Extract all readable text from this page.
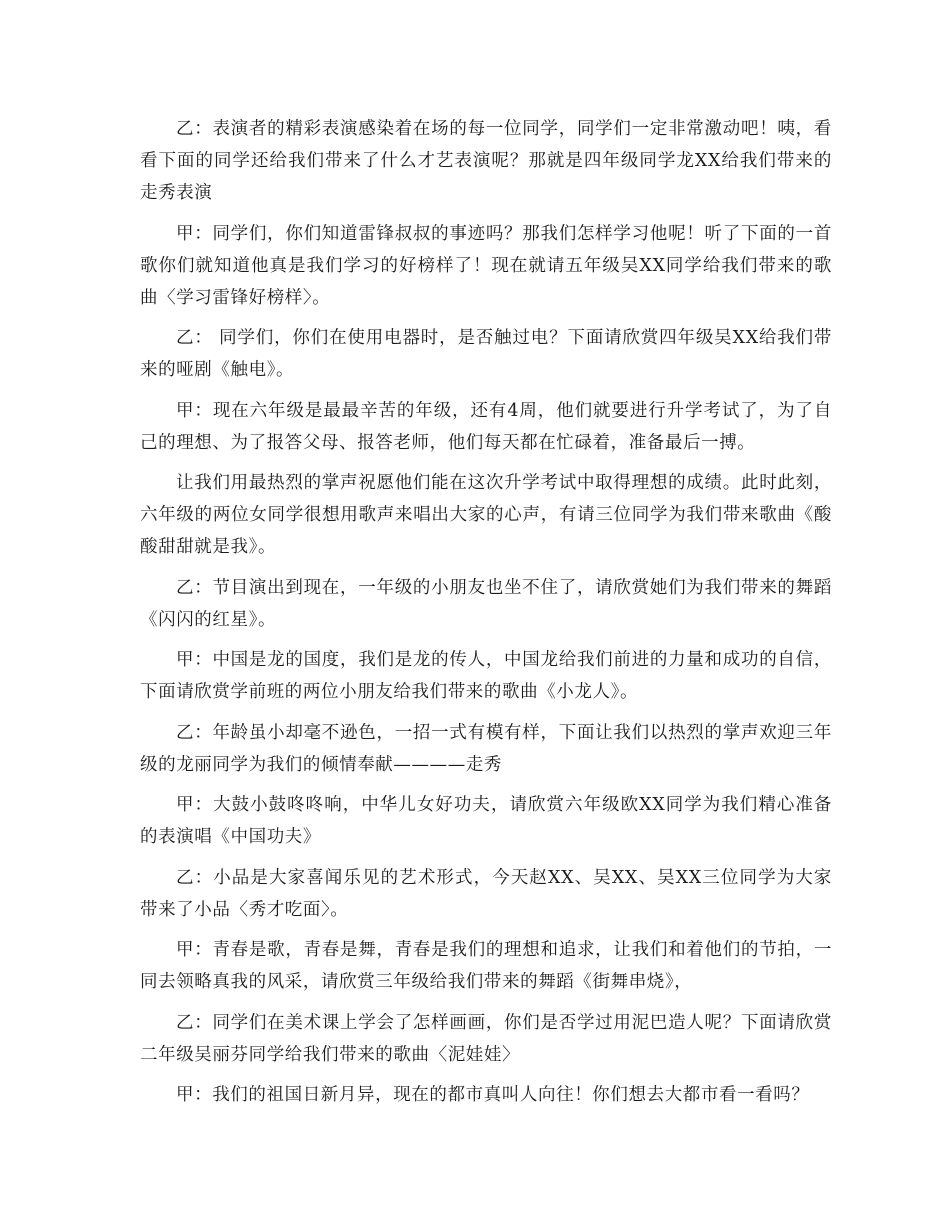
乙：表演者的精彩表演感染着在场的每一位同学，同学们一定非常激动吧！咦，看看下面的同学还给我们带来了什么才艺表演呢？那就是四年级同学龙XX给我们带来的走秀表演

甲：同学们，你们知道雷锋叔叔的事迹吗？那我们怎样学习他呢！听了下面的一首歌你们就知道他真是我们学习的好榜样了！现在就请五年级吴XX同学给我们带来的歌曲〈学习雷锋好榜样〉。

乙： 同学们，你们在使用电器时，是否触过电？下面请欣赏四年级吴XX给我们带来的哑剧《触电》。

甲：现在六年级是最最辛苦的年级，还有4周，他们就要进行升学考试了，为了自己的理想、为了报答父母、报答老师，他们每天都在忙碌着，准备最后一搏。

让我们用最热烈的掌声祝愿他们能在这次升学考试中取得理想的成绩。此时此刻，六年级的两位女同学很想用歌声来唱出大家的心声，有请三位同学为我们带来歌曲《酸酸甜甜就是我》。

乙：节目演出到现在，一年级的小朋友也坐不住了，请欣赏她们为我们带来的舞蹈《闪闪的红星》。

甲：中国是龙的国度，我们是龙的传人，中国龙给我们前进的力量和成功的自信，下面请欣赏学前班的两位小朋友给我们带来的歌曲《小龙人》。

乙：年龄虽小却毫不逊色，一招一式有模有样，下面让我们以热烈的掌声欢迎三年级的龙丽同学为我们的倾情奉献————走秀

甲：大鼓小鼓咚咚响，中华儿女好功夫，请欣赏六年级欧XX同学为我们精心准备的表演唱《中国功夫》

乙：小品是大家喜闻乐见的艺术形式，今天赵XX、吴XX、吴XX三位同学为大家带来了小品〈秀才吃面〉。

甲：青春是歌，青春是舞，青春是我们的理想和追求，让我们和着他们的节拍，一同去领略真我的风采，请欣赏三年级给我们带来的舞蹈《街舞串烧》，

乙：同学们在美术课上学会了怎样画画，你们是否学过用泥巴造人呢？下面请欣赏二年级吴丽芬同学给我们带来的歌曲〈泥娃娃〉

甲：我们的祖国日新月异，现在的都市真叫人向往！你们想去大都市看一看吗？
